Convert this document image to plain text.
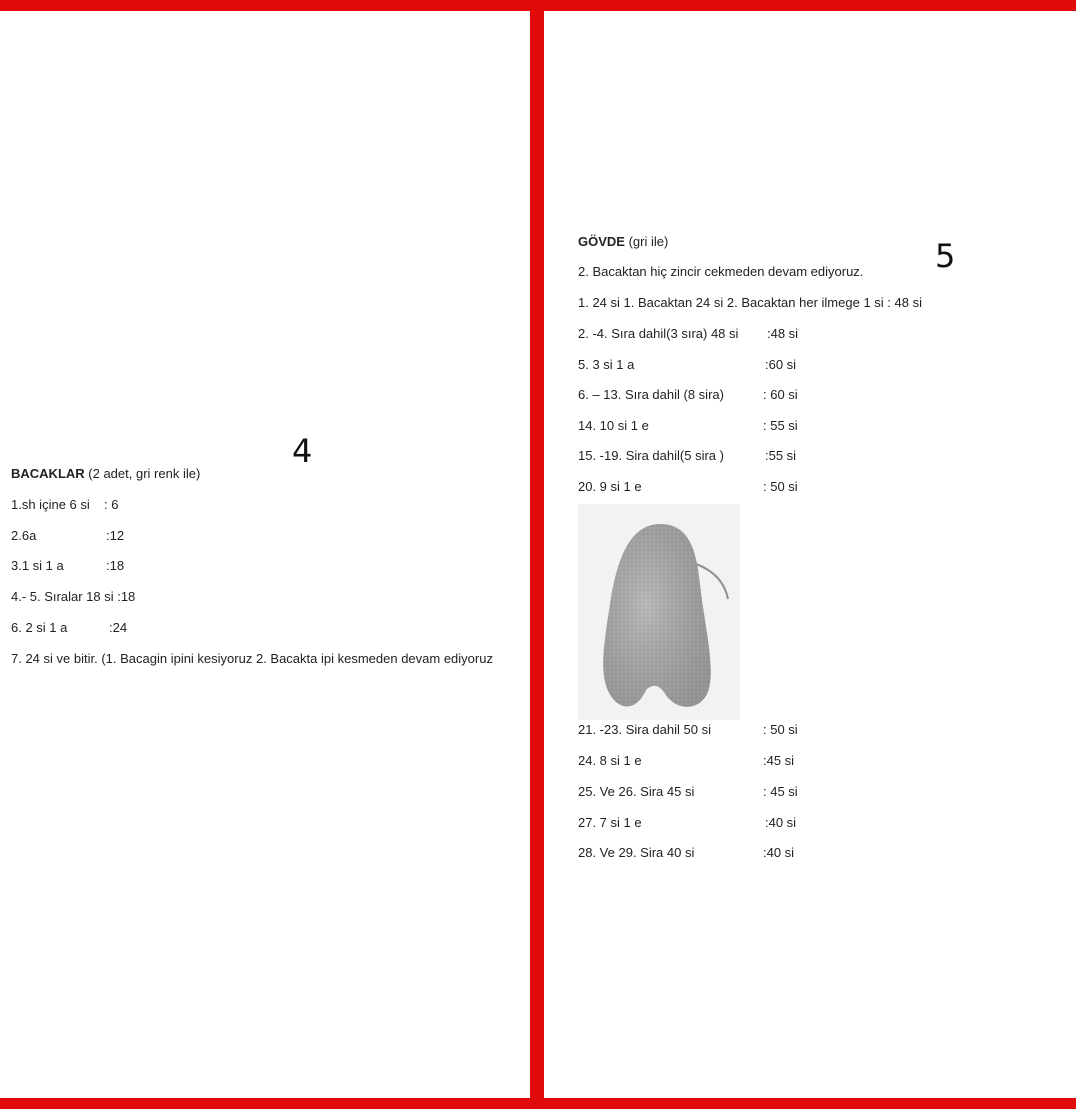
4
BACAKLAR (2 adet, gri renk ile)
1.sh içine 6 si : 6
2.6a	:12
3.1 si 1 a	:18
4.- 5. Sıralar 18 si :18
6. 2 si 1 a	:24
7. 24 si ve bitir. (1. Bacagin ipini kesiyoruz 2. Bacakta ipi kesmeden devam ediyoruz
5
GÖVDE (gri ile)
2. Bacaktan hiç zincir cekmeden devam ediyoruz.
1. 24 si 1. Bacaktan 24 si 2. Bacaktan her ilmege 1 si : 48 si
2. -4. Sıra dahil(3 sıra) 48 si :48 si
5. 3 si 1 a	:60 si
6. – 13. Sıra dahil (8 sira)	: 60 si
14. 10 si 1 e	: 55 si
15. -19. Sira dahil(5 sira )	:55 si
20. 9 si 1 e	: 50 si
21. -23. Sira dahil 50 si	: 50 si
24. 8 si 1 e	:45 si
25. Ve 26. Sira 45 si	: 45 si
27. 7 si 1 e	:40 si
28. Ve 29. Sira 40 si	:40 si
